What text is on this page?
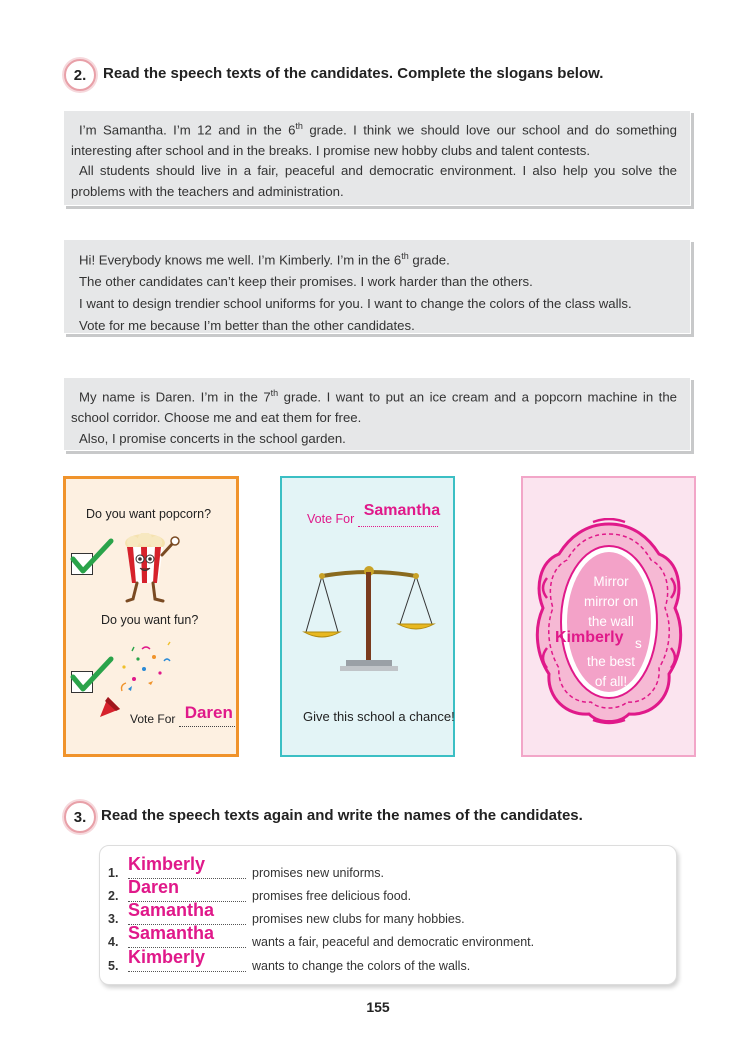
2. Read the speech texts of the candidates. Complete the slogans below.

I’m Samantha. I’m 12 and in the 6th grade. I think we should love our school and do something interesting after school and in the breaks. I promise new hobby clubs and talent contests.

All students should live in a fair, peaceful and democratic environment. I also help you solve the problems with the teachers and administration.

Hi! Everybody knows me well. I’m Kimberly. I’m in the 6th grade.

The other candidates can’t keep their promises. I work harder than the others.

I want to design trendier school uniforms for you. I want to change the colors of the class walls.

Vote for me because I’m better than the other candidates.

My name is Daren. I’m in the 7th grade. I want to put an ice cream and a popcorn machine in the school corridor. Choose me and eat them for free.

Also, I promise concerts in the school garden.

Do you want popcorn?
Do you want fun?
Vote For Daren
Vote For Samantha
Give this school a chance!
Mirror
mirror on
the wall
Kimberly s
the best
of all!
3. Read the speech texts again and write the names of the candidates.
1. Kimberly	promises new uniforms.
2. Daren	promises free delicious food.
3. Samantha	promises new clubs for many hobbies.
4. Samantha	wants a fair, peaceful and democratic environment.
5. Kimberly	wants to change the colors of the walls.
155
